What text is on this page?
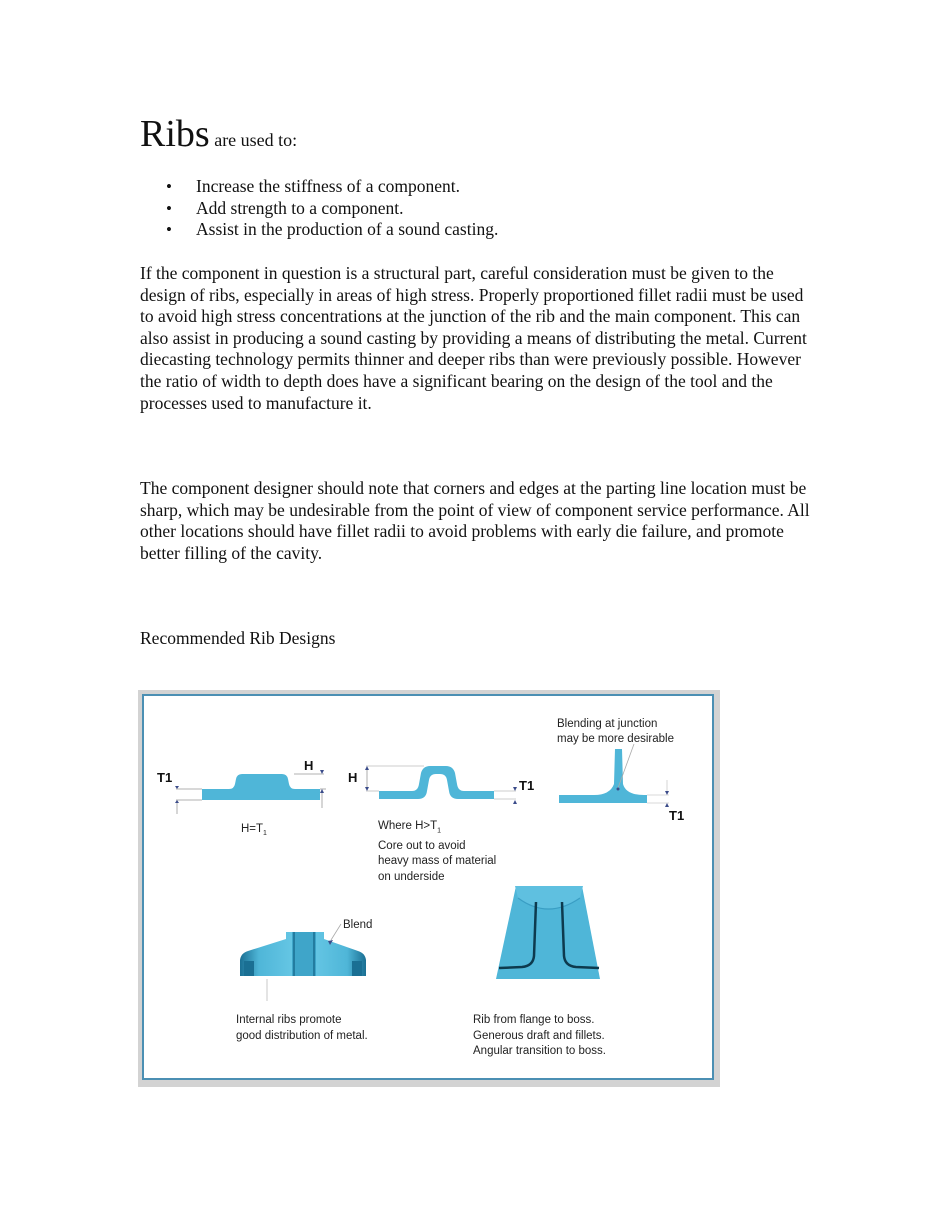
Ribs are used to:
• Increase the stiffness of a component.
• Add strength to a component.
• Assist in the production of a sound casting.

If the component in question is a structural part, careful consideration must be given to the design of ribs, especially in areas of high stress. Properly proportioned fillet radii must be used to avoid high stress concentrations at the junction of the rib and the main component. This can also assist in producing a sound casting by providing a means of distributing the metal. Current diecasting technology permits thinner and deeper ribs than were previously possible. However the ratio of width to depth does have a significant bearing on the design of the tool and the processes used to manufacture it.

The component designer should note that corners and edges at the parting line location must be sharp, which may be undesirable from the point of view of component service performance. All other locations should have fillet radii to avoid problems with early die failure, and promote better filling of the cavity.

Recommended Rib Designs
T1
H
$H=T_1$
H
T1
Blending at junction
may be more desirable
T1
Blend
Where $H>T_1$
Core out to avoid
heavy mass of material
on underside
Internal ribs promote
good distribution of metal.
Rib from flange to boss.
Generous draft and fillets.
Angular transition to boss.
